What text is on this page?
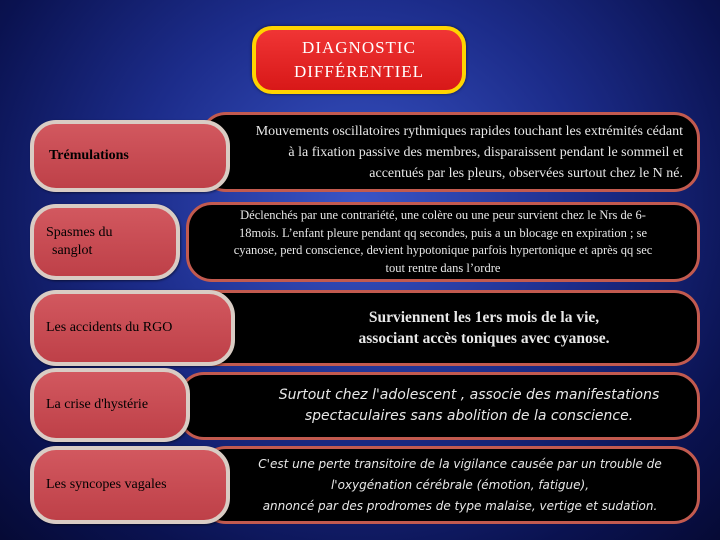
DIAGNOSTIC
DIFFÉRENTIEL
Mouvements oscillatoires rythmiques rapides touchant les extrémités cédant
à la fixation passive des membres, disparaissent pendant le sommeil et
accentués par les pleurs, observées surtout chez le N né.
Trémulations
Déclenchés par une contrariété, une colère ou une peur survient chez le Nrs de 6-
18mois. L’enfant pleure pendant qq secondes, puis a un blocage en expiration ; se
cyanose, perd conscience, devient hypotonique parfois hypertonique et après qq sec
tout rentre dans l’ordre
Spasmes du
sanglot
Surviennent les 1ers mois de la vie,
associant accès toniques avec cyanose.
Les accidents du RGO
Surtout chez l'adolescent , associe des manifestations
spectaculaires sans abolition de la conscience.
La crise d'hystérie
C'est une perte transitoire de la vigilance causée par un trouble de
l'oxygénation cérébrale (émotion, fatigue),
annoncé par des prodromes de type malaise, vertige et sudation.
Les syncopes vagales
